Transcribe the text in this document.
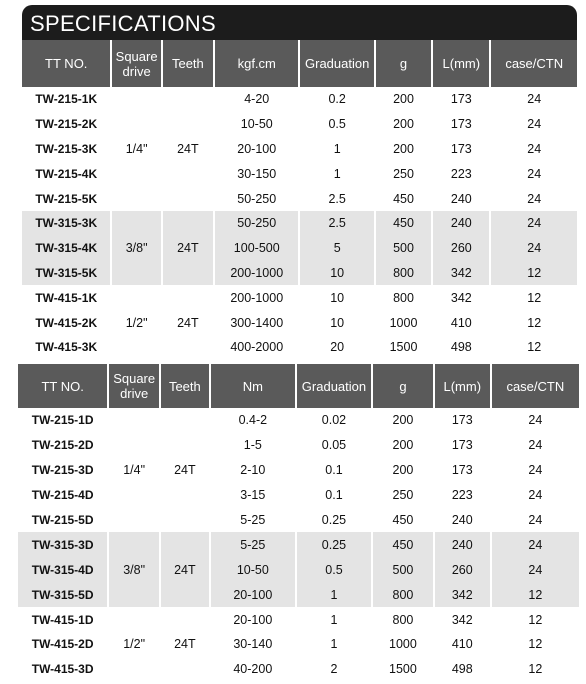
SPECIFICATIONS
TT NO.	Square drive	Teeth	kgf.cm	Graduation	g	L(mm)	case/CTN
TW-215-1K	1/4"	24T	4-20	0.2	200	173	24
TW-215-2K			10-50	0.5	200	173	24
TW-215-3K			20-100	1	200	173	24
TW-215-4K			30-150	1	250	223	24
TW-215-5K			50-250	2.5	450	240	24
TW-315-3K	3/8"	24T	50-250	2.5	450	240	24
TW-315-4K			100-500	5	500	260	24
TW-315-5K			200-1000	10	800	342	12
TW-415-1K	1/2"	24T	200-1000	10	800	342	12
TW-415-2K			300-1400	10	1000	410	12
TW-415-3K			400-2000	20	1500	498	12
TT NO.	Square drive	Teeth	Nm	Graduation	g	L(mm)	case/CTN
TW-215-1D	1/4"	24T	0.4-2	0.02	200	173	24
TW-215-2D			1-5	0.05	200	173	24
TW-215-3D			2-10	0.1	200	173	24
TW-215-4D			3-15	0.1	250	223	24
TW-215-5D			5-25	0.25	450	240	24
TW-315-3D	3/8"	24T	5-25	0.25	450	240	24
TW-315-4D			10-50	0.5	500	260	24
TW-315-5D			20-100	1	800	342	12
TW-415-1D	1/2"	24T	20-100	1	800	342	12
TW-415-2D			30-140	1	1000	410	12
TW-415-3D			40-200	2	1500	498	12
